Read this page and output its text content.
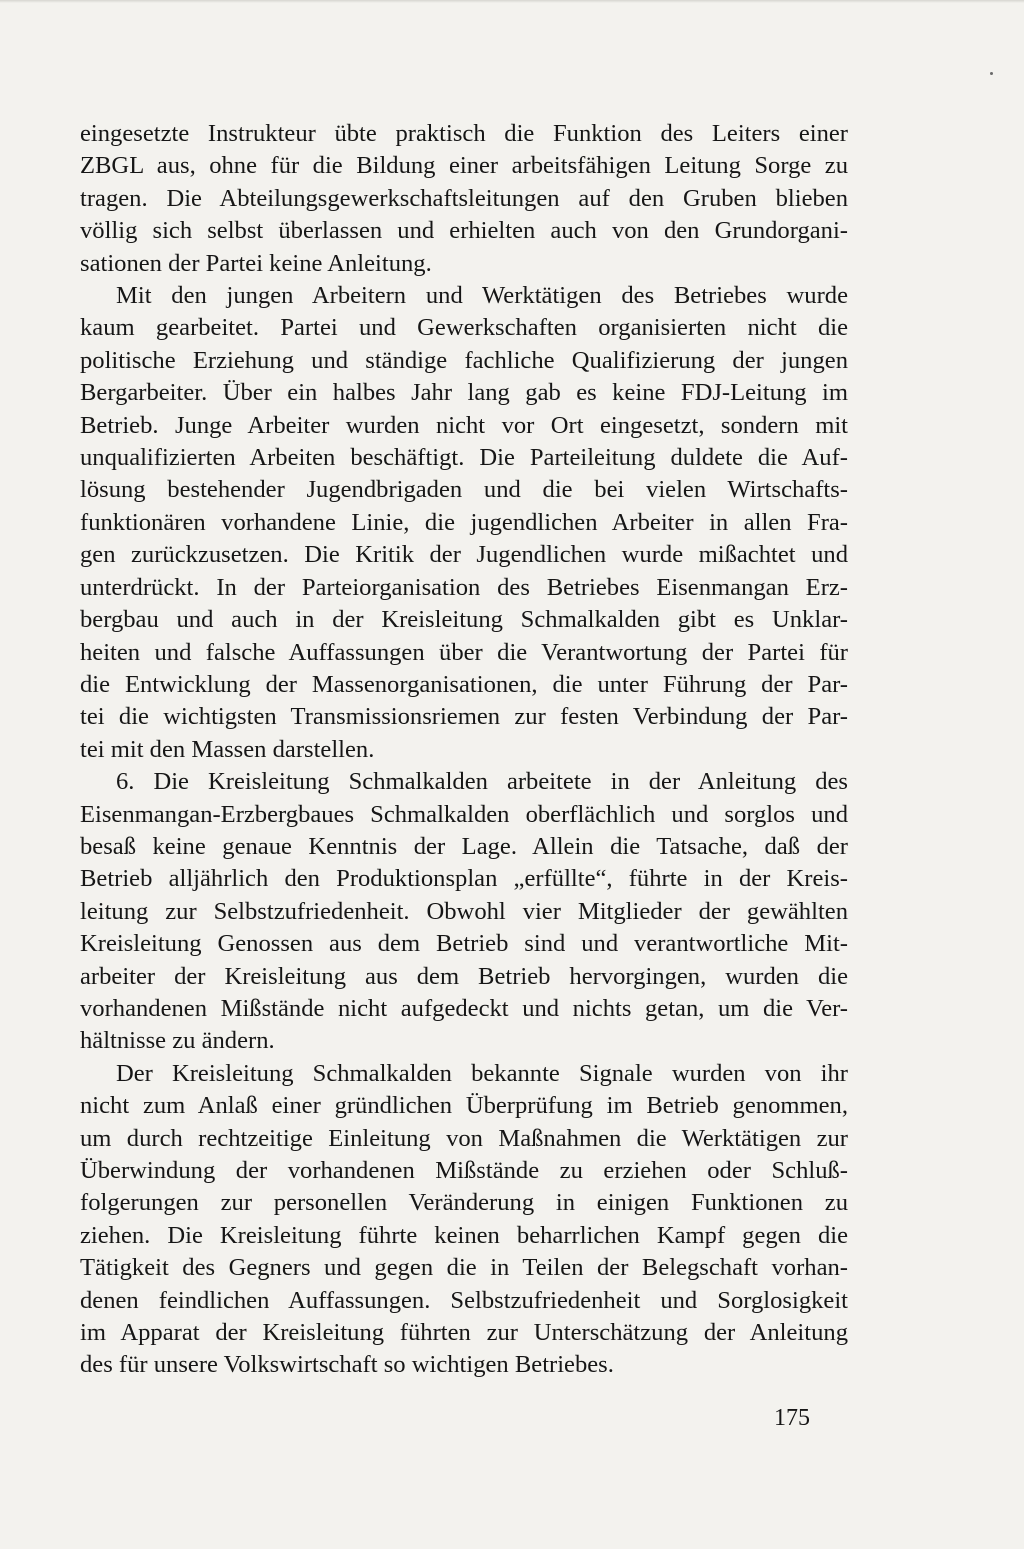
eingesetzte Instrukteur übte praktisch die Funktion des Leiters einer
ZBGL aus, ohne für die Bildung einer arbeitsfähigen Leitung Sorge zu
tragen. Die Abteilungsgewerkschaftsleitungen auf den Gruben blieben
völlig sich selbst überlassen und erhielten auch von den Grundorgani-
sationen der Partei keine Anleitung.

Mit den jungen Arbeitern und Werktätigen des Betriebes wurde
kaum gearbeitet. Partei und Gewerkschaften organisierten nicht die
politische Erziehung und ständige fachliche Qualifizierung der jungen
Bergarbeiter. Über ein halbes Jahr lang gab es keine FDJ-Leitung im
Betrieb. Junge Arbeiter wurden nicht vor Ort eingesetzt, sondern mit
unqualifizierten Arbeiten beschäftigt. Die Parteileitung duldete die Auf-
lösung bestehender Jugendbrigaden und die bei vielen Wirtschafts-
funktionären vorhandene Linie, die jugendlichen Arbeiter in allen Fra-
gen zurückzusetzen. Die Kritik der Jugendlichen wurde mißachtet und
unterdrückt. In der Parteiorganisation des Betriebes Eisenmangan Erz-
bergbau und auch in der Kreisleitung Schmalkalden gibt es Unklar-
heiten und falsche Auffassungen über die Verantwortung der Partei für
die Entwicklung der Massenorganisationen, die unter Führung der Par-
tei die wichtigsten Transmissionsriemen zur festen Verbindung der Par-
tei mit den Massen darstellen.

6. Die Kreisleitung Schmalkalden arbeitete in der Anleitung des
Eisenmangan-Erzbergbaues Schmalkalden oberflächlich und sorglos und
besaß keine genaue Kenntnis der Lage. Allein die Tatsache, daß der
Betrieb alljährlich den Produktionsplan „erfüllte“, führte in der Kreis-
leitung zur Selbstzufriedenheit. Obwohl vier Mitglieder der gewählten
Kreisleitung Genossen aus dem Betrieb sind und verantwortliche Mit-
arbeiter der Kreisleitung aus dem Betrieb hervorgingen, wurden die
vorhandenen Mißstände nicht aufgedeckt und nichts getan, um die Ver-
hältnisse zu ändern.

Der Kreisleitung Schmalkalden bekannte Signale wurden von ihr
nicht zum Anlaß einer gründlichen Überprüfung im Betrieb genommen,
um durch rechtzeitige Einleitung von Maßnahmen die Werktätigen zur
Überwindung der vorhandenen Mißstände zu erziehen oder Schluß-
folgerungen zur personellen Veränderung in einigen Funktionen zu
ziehen. Die Kreisleitung führte keinen beharrlichen Kampf gegen die
Tätigkeit des Gegners und gegen die in Teilen der Belegschaft vorhan-
denen feindlichen Auffassungen. Selbstzufriedenheit und Sorglosigkeit
im Apparat der Kreisleitung führten zur Unterschätzung der Anleitung
des für unsere Volkswirtschaft so wichtigen Betriebes.

175
